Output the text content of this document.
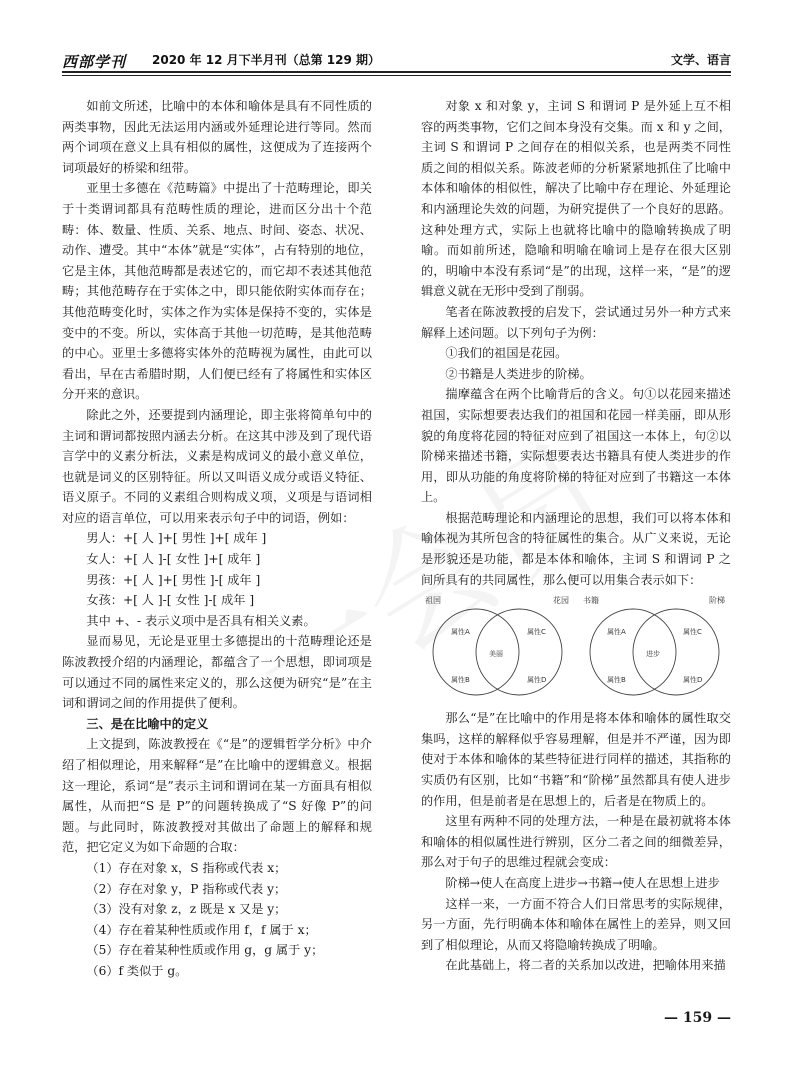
西部学刊 2020 年 12 月下半月刊（总第 129 期）	文学、语言

如前文所述，比喻中的本体和喻体是具有不同性质的两类事物，因此无法运用内涵或外延理论进行等同。然而两个词项在意义上具有相似的属性，这便成为了连接两个词项最好的桥梁和纽带。

亚里士多德在《范畴篇》中提出了十范畴理论，即关于十类谓词都具有范畴性质的理论，进而区分出十个范畴：体、数量、性质、关系、地点、时间、姿态、状况、动作、遭受。其中“本体”就是“实体”，占有特别的地位，它是主体，其他范畴都是表述它的，而它却不表述其他范畴；其他范畴存在于实体之中，即只能依附实体而存在；其他范畴变化时，实体之作为实体是保持不变的，实体是变中的不变。所以，实体高于其他一切范畴，是其他范畴的中心。亚里士多德将实体外的范畴视为属性，由此可以看出，早在古希腊时期，人们便已经有了将属性和实体区分开来的意识。

除此之外，还要提到内涵理论，即主张将简单句中的主词和谓词都按照内涵去分析。在这其中涉及到了现代语言学中的义素分析法，义素是构成词义的最小意义单位，也就是词义的区别特征。所以又叫语义成分或语义特征、语义原子。不同的义素组合则构成义项，义项是与语词相对应的语言单位，可以用来表示句子中的词语，例如：

男人：+[ 人 ]+[ 男性 ]+[ 成年 ]

女人：+[ 人 ]-[ 女性 ]+[ 成年 ]

男孩：+[ 人 ]+[ 男性 ]-[ 成年 ]

女孩：+[ 人 ]-[ 女性 ]-[ 成年 ]

其中 +、- 表示义项中是否具有相关义素。

显而易见，无论是亚里士多德提出的十范畴理论还是陈波教授介绍的内涵理论，都蕴含了一个思想，即词项是可以通过不同的属性来定义的，那么这便为研究“是”在主词和谓词之间的作用提供了便利。

三、是在比喻中的定义

上文提到，陈波教授在《“是”的逻辑哲学分析》中介绍了相似理论，用来解释“是”在比喻中的逻辑意义。根据这一理论，系词“是”表示主词和谓词在某一方面具有相似属性，从而把“S 是 P”的问题转换成了“S 好像 P”的问题。与此同时，陈波教授对其做出了命题上的解释和规范，把它定义为如下命题的合取：

（1）存在对象 x，S 指称或代表 x；

（2）存在对象 y，P 指称或代表 y；

（3）没有对象 z，z 既是 x 又是 y；

（4）存在着某种性质或作用 f，f 属于 x；

（5）存在着某种性质或作用 g，g 属于 y；

（6）f 类似于 g。

对象 x 和对象 y，主词 S 和谓词 P 是外延上互不相容的两类事物，它们之间本身没有交集。而 x 和 y 之间，主词 S 和谓词 P 之间存在的相似关系，也是两类不同性质之间的相似关系。陈波老师的分析紧紧地抓住了比喻中本体和喻体的相似性，解决了比喻中存在理论、外延理论和内涵理论失效的问题，为研究提供了一个良好的思路。这种处理方式，实际上也就将比喻中的隐喻转换成了明喻。而如前所述，隐喻和明喻在喻词上是存在很大区别的，明喻中本没有系词“是”的出现，这样一来，“是”的逻辑意义就在无形中受到了削弱。

笔者在陈波教授的启发下，尝试通过另外一种方式来解释上述问题。以下列句子为例：

①我们的祖国是花园。

②书籍是人类进步的阶梯。

揣摩蕴含在两个比喻背后的含义。句①以花园来描述祖国，实际想要表达我们的祖国和花园一样美丽，即从形貌的角度将花园的特征对应到了祖国这一本体上，句②以阶梯来描述书籍，实际想要表达书籍具有使人类进步的作用，即从功能的角度将阶梯的特征对应到了书籍这一本体上。

根据范畴理论和内涵理论的思想，我们可以将本体和喻体视为其所包含的特征属性的集合。从广义来说，无论是形貌还是功能，都是本体和喻体，主词 S 和谓词 P 之间所具有的共同属性，那么便可以用集合表示如下：

祖国	花园
属性A
属性B
属性C
属性D
美丽
书籍	阶梯
属性A
属性B
属性C
属性D
进步

那么“是”在比喻中的作用是将本体和喻体的属性取交集吗，这样的解释似乎容易理解，但是并不严谨，因为即使对于本体和喻体的某些特征进行同样的描述，其指称的实质仍有区别，比如“书籍”和“阶梯”虽然都具有使人进步的作用，但是前者是在思想上的，后者是在物质上的。

这里有两种不同的处理方法，一种是在最初就将本体和喻体的相似属性进行辨别，区分二者之间的细微差异，那么对于句子的思维过程就会变成：

阶梯→使人在高度上进步→书籍→使人在思想上进步

这样一来，一方面不符合人们日常思考的实际规律，另一方面，先行明确本体和喻体在属性上的差异，则又回到了相似理论，从而又将隐喻转换成了明喻。

在此基础上，将二者的关系加以改进，把喻体用来描

— 159 —
